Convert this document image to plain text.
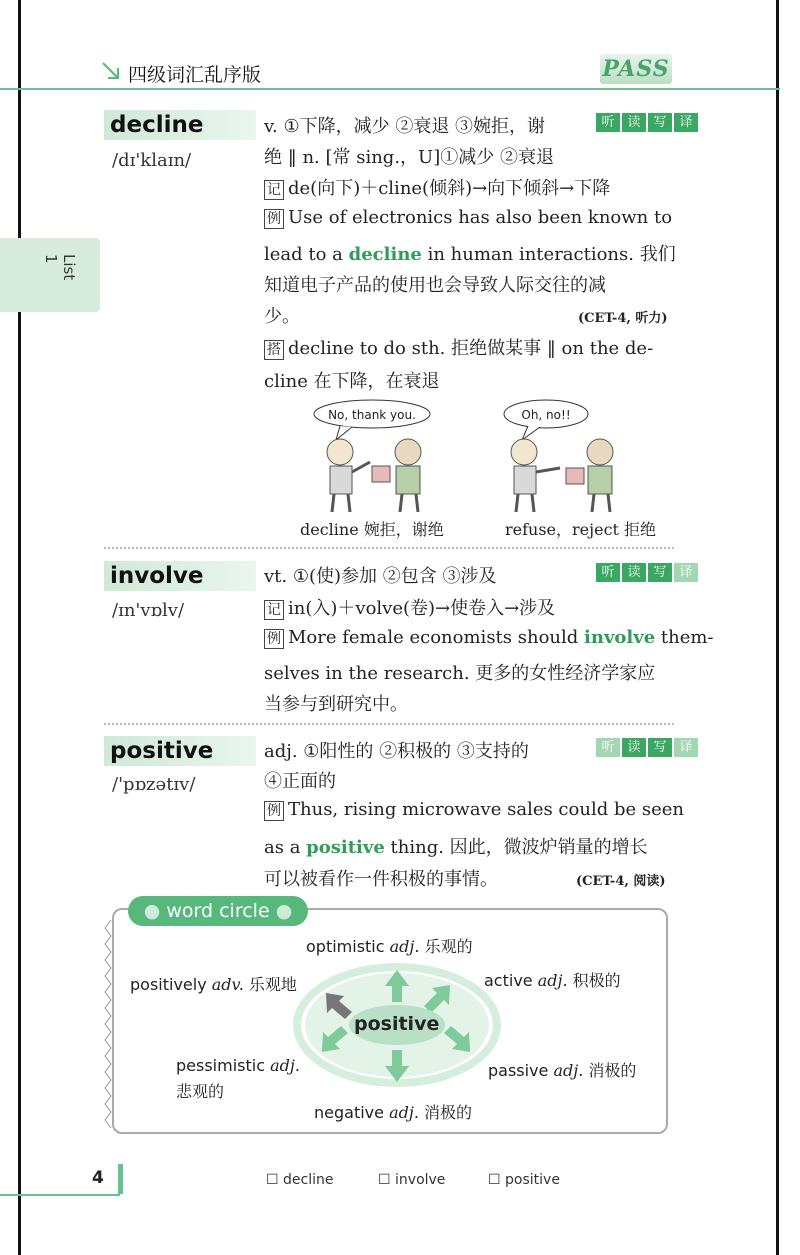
四级词汇乱序版	PASS
List 1
decline
/dɪ'klaɪn/
v. ①下降，减少 ②衰退 ③婉拒，谢	听 读 写 译
绝 ‖ n. [常 sing.，U]①减少 ②衰退
记 de(向下)＋cline(倾斜)→向下倾斜→下降
例 Use of electronics has also been known to
lead to a decline in human interactions. 我们
知道电子产品的使用也会导致人际交往的减
少。	(CET-4, 听力)
搭 decline to do sth. 拒绝做某事 ‖ on the de-
cline 在下降，在衰退
No, thank you.	Oh, no!!
decline 婉拒，谢绝	refuse，reject 拒绝
involve
/ɪn'vɒlv/
vt. ①(使)参加 ②包含 ③涉及	听 读 写 译
记 in(入)＋volve(卷)→使卷入→涉及
例 More female economists should involve them-
selves in the research. 更多的女性经济学家应
当参与到研究中。
positive
/'pɒzətɪv/
adj. ①阳性的 ②积极的 ③支持的	听 读 写 译
④正面的
例 Thus, rising microwave sales could be seen
as a positive thing. 因此，微波炉销量的增长
可以被看作一件积极的事情。	(CET-4, 阅读)
● word circle ●
positive
optimistic adj. 乐观的
positively adv. 乐观地	active adj. 积极的
pessimistic adj.
悲观的
passive adj. 消极的
negative adj. 消极的
4	☐ decline	☐ involve	☐ positive
